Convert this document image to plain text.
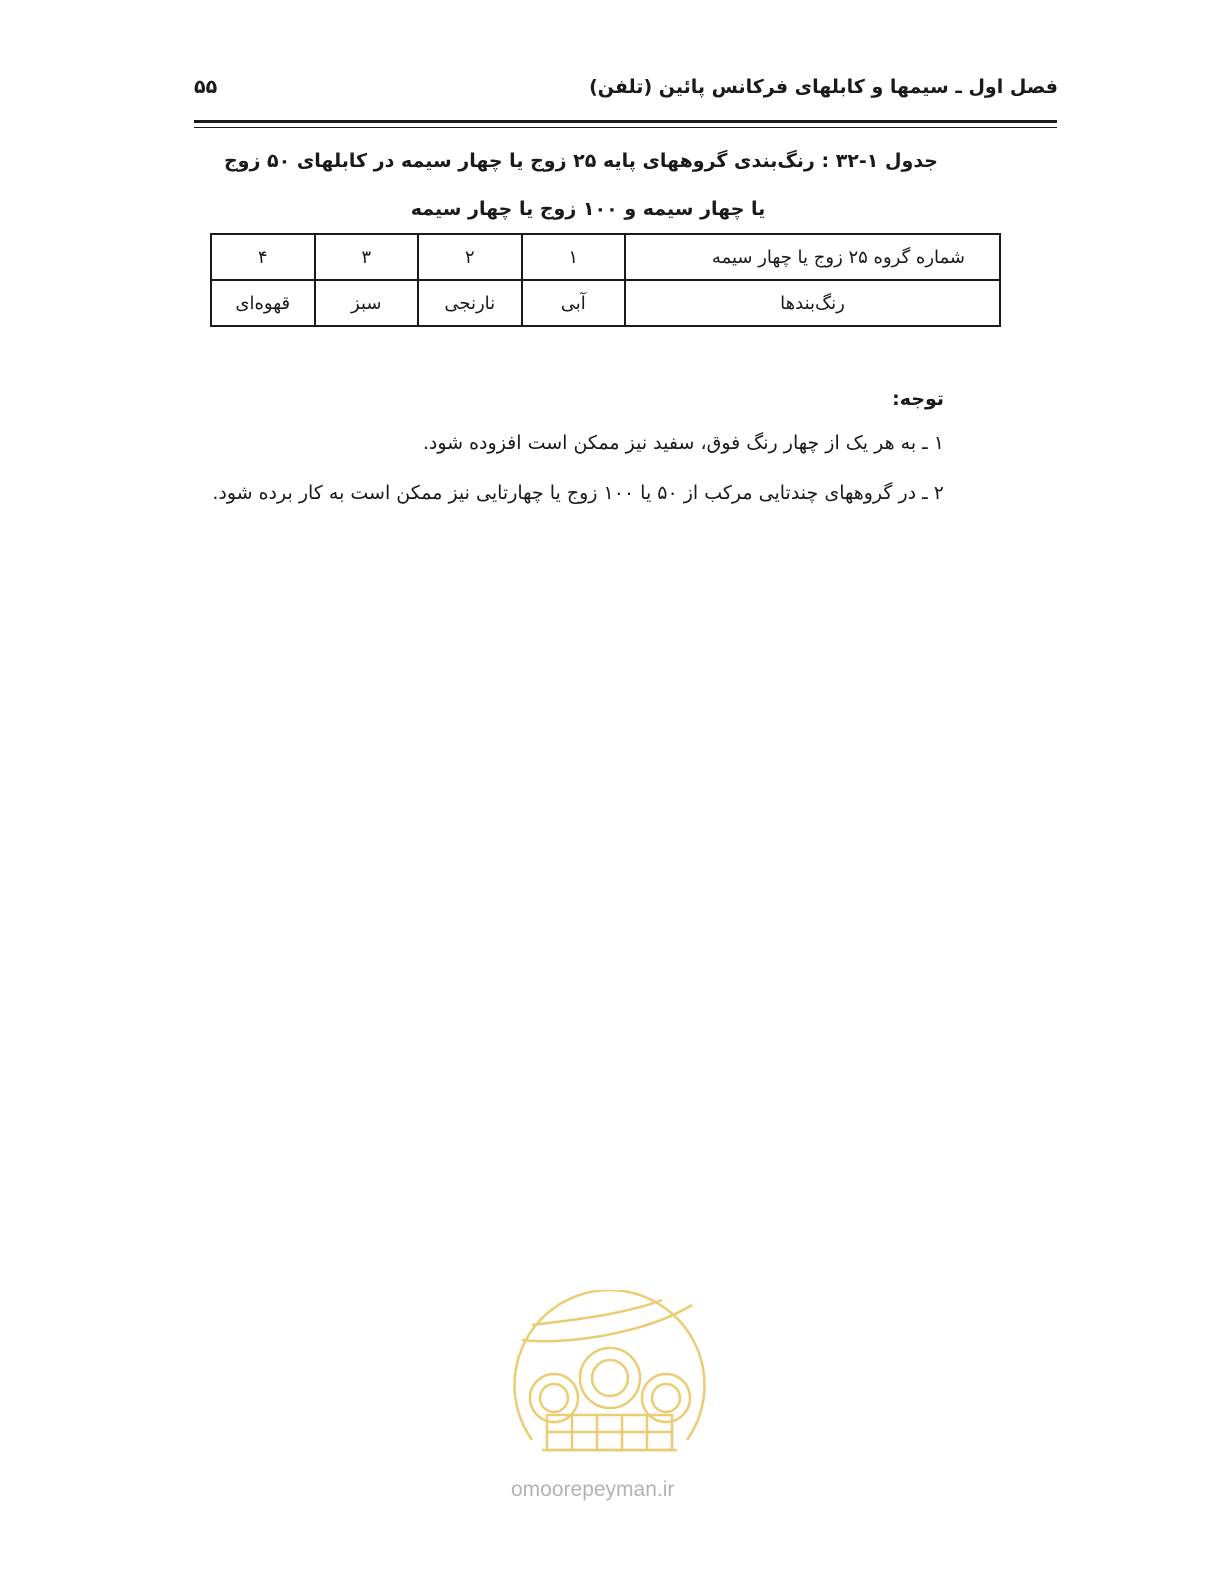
فصل اول ـ سیمها و کابلهای فرکانس پائین (تلفن)
۵۵
جدول ۱-۳۲ : رنگ‌بندی گروههای پایه ۲۵ زوج یا چهار سیمه در کابلهای ۵۰ زوج
یا چهار سیمه و ۱۰۰ زوج یا چهار سیمه
شماره گروه ۲۵ زوج یا چهار سیمه	۱	۲	۳	۴
رنگ‌بندها	آبی	نارنجی	سبز	قهوه‌ای
توجه:
۱ ـ به هر یک از چهار رنگ فوق، سفید نیز ممکن است افزوده شود.
۲ ـ در گروههای چندتایی مرکب از ۵۰ یا ۱۰۰ زوج یا چهارتایی نیز ممکن است به کار برده شود.
omoorepeyman.ir
